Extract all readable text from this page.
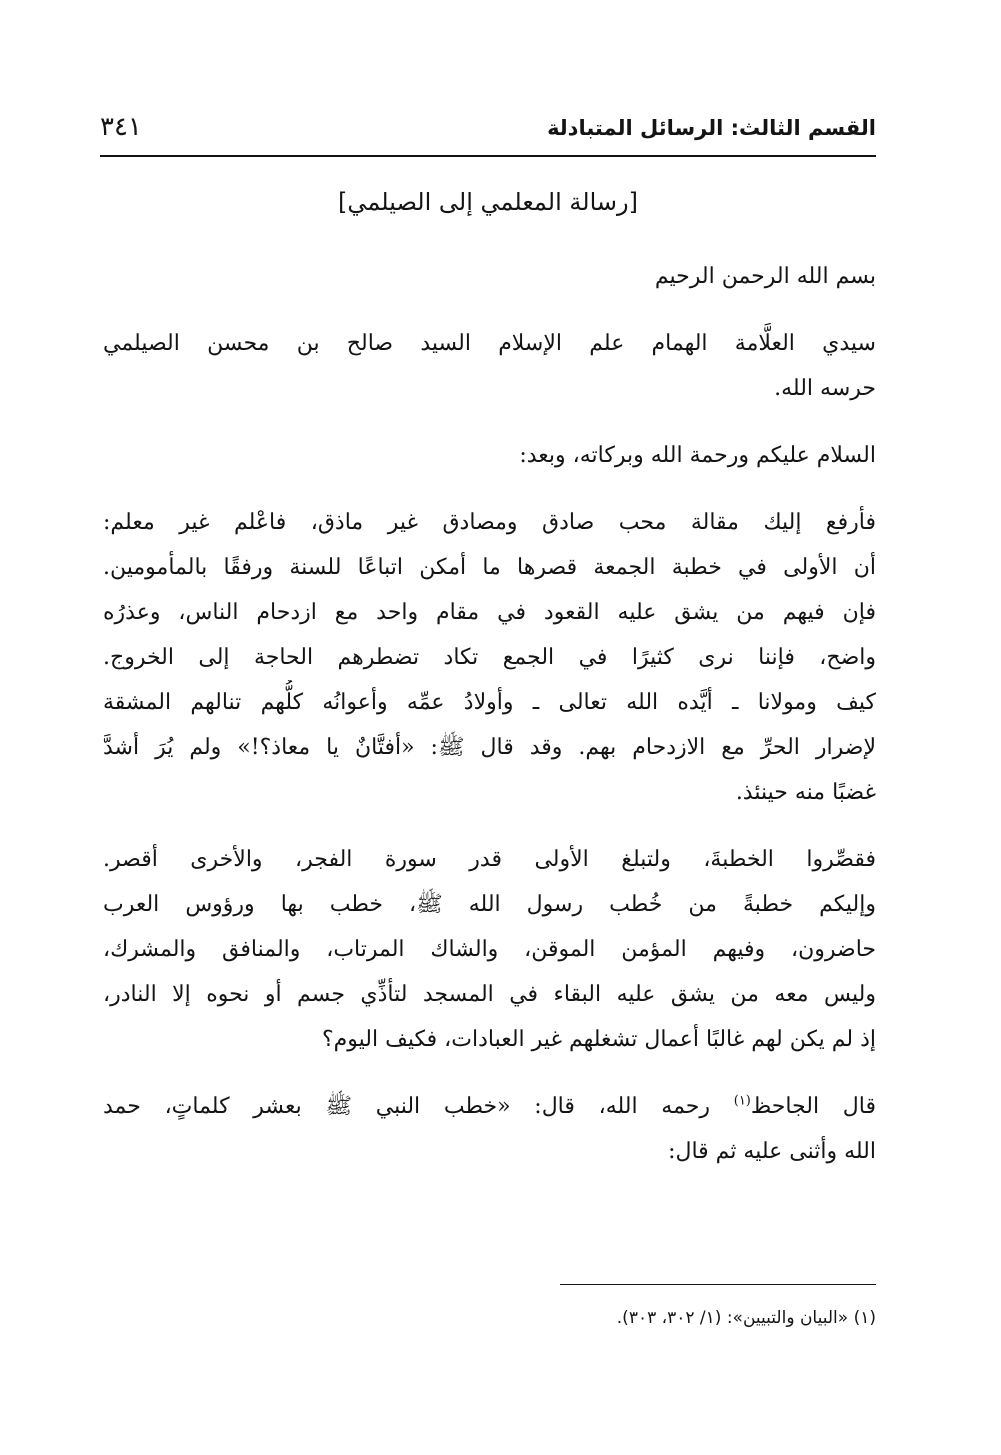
القسم الثالث: الرسائل المتبادلة
٣٤١
[رسالة المعلمي إلى الصيلمي]
بسم الله الرحمن الرحيم
سيدي العلَّامة الهمام علم الإسلام السيد صالح بن محسن الصيلمي
حرسه الله.
السلام عليكم ورحمة الله وبركاته، وبعد:
فأرفع إليك مقالة محب صادق ومصادق غير ماذق، فاعْلم غير معلم:
أن الأولى في خطبة الجمعة قصرها ما أمكن اتباعًا للسنة ورفقًا بالمأمومين.
فإن فيهم من يشق عليه القعود في مقام واحد مع ازدحام الناس، وعذرُه
واضح، فإننا نرى كثيرًا في الجمع تكاد تضطرهم الحاجة إلى الخروج.
كيف ومولانا ـ أيَّده الله تعالى ـ وأولادُ عمِّه وأعوانُه كلُّهم تنالهم المشقة
لإضرار الحرِّ مع الازدحام بهم. وقد قال ﷺ: «أفتَّانٌ يا معاذ؟!» ولم يُرَ أشدَّ
غضبًا منه حينئذ.
فقصِّروا الخطبةَ، ولتبلغ الأولى قدر سورة الفجر، والأخرى أقصر.
وإليكم خطبةً من خُطب رسول الله ﷺ، خطب بها ورؤوس العرب
حاضرون، وفيهم المؤمن الموقن، والشاك المرتاب، والمنافق والمشرك،
وليس معه من يشق عليه البقاء في المسجد لتأذِّي جسم أو نحوه إلا النادر،
إذ لم يكن لهم غالبًا أعمال تشغلهم غير العبادات، فكيف اليوم؟
قال الجاحظ$^{(١)}$ رحمه الله، قال: «خطب النبي ﷺ بعشر كلماتٍ، حمد
الله وأثنى عليه ثم قال:
(١) «البيان والتبيين»: (١/ ٣٠٢، ٣٠٣).
